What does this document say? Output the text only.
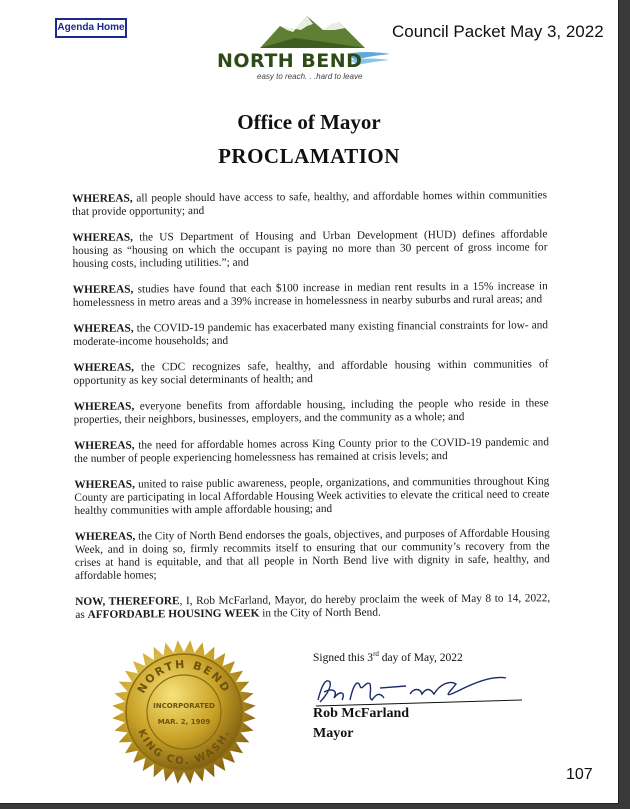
Agenda Home	Council Packet May 3, 2022
NORTH BEND
easy to reach. . .hard to leave
Office of Mayor
PROCLAMATION

WHEREAS, all people should have access to safe, healthy, and affordable homes within communities that provide opportunity; and

WHEREAS, the US Department of Housing and Urban Development (HUD) defines affordable housing as “housing on which the occupant is paying no more than 30 percent of gross income for housing costs, including utilities.”; and

WHEREAS, studies have found that each $100 increase in median rent results in a 15% increase in homelessness in metro areas and a 39% increase in homelessness in nearby suburbs and rural areas; and

WHEREAS, the COVID-19 pandemic has exacerbated many existing financial constraints for low- and moderate-income households; and

WHEREAS, the CDC recognizes safe, healthy, and affordable housing within communities of opportunity as key social determinants of health; and

WHEREAS, everyone benefits from affordable housing, including the people who reside in these properties, their neighbors, businesses, employers, and the community as a whole; and

WHEREAS, the need for affordable homes across King County prior to the COVID-19 pandemic and the number of people experiencing homelessness has remained at crisis levels; and

WHEREAS, united to raise public awareness, people, organizations, and communities throughout King County are participating in local Affordable Housing Week activities to elevate the critical need to create healthy communities with ample affordable housing; and

WHEREAS, the City of North Bend endorses the goals, objectives, and purposes of Affordable Housing Week, and in doing so, firmly recommits itself to ensuring that our community’s recovery from the crises at hand is equitable, and that all people in North Bend live with dignity in safe, healthy, and affordable homes;

NOW, THEREFORE, I, Rob McFarland, Mayor, do hereby proclaim the week of May 8 to 14, 2022, as AFFORDABLE HOUSING WEEK in the City of North Bend.

NORTH BEND
KING CO. WASH.
INCORPORATED
MAR. 2, 1909
Signed this 3rd day of May, 2022
Rob McFarland
Mayor
107
